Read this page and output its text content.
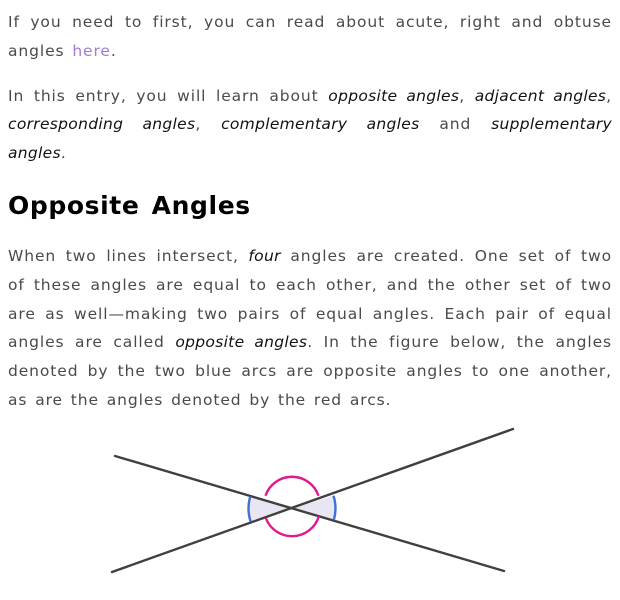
If you need to first, you can read about acute, right and obtuse angles here.

In this entry, you will learn about opposite angles, adjacent angles, corresponding angles, complementary angles and supplementary angles.

Opposite Angles

When two lines intersect, four angles are created. One set of two of these angles are equal to each other, and the other set of two are as well—making two pairs of equal angles. Each pair of equal angles are called opposite angles. In the figure below, the angles denoted by the two blue arcs are opposite angles to one another, as are the angles denoted by the red arcs.
